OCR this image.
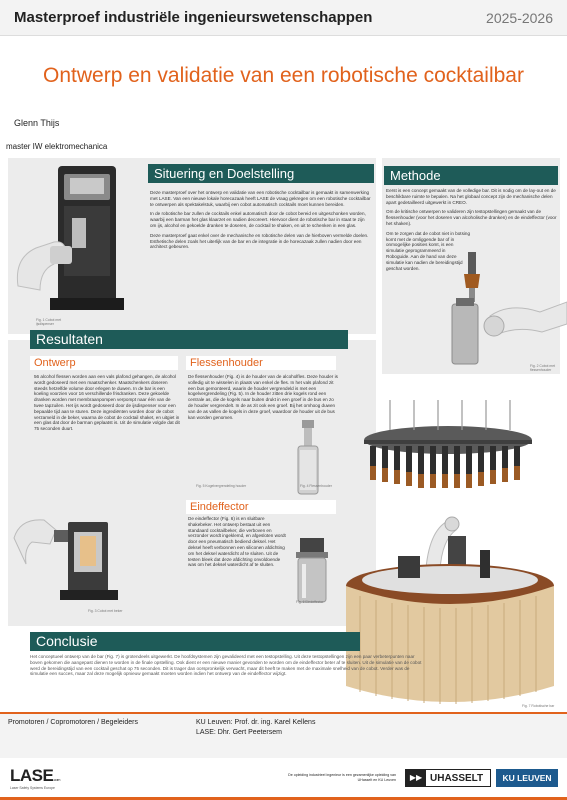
Masterproef industriële ingenieurswetenschappen	2025-2026
Ontwerp en validatie van een robotische cocktailbar
Glenn Thijs
master IW elektromechanica
Fig. 1 Cobot met ijsdispenser
Situering en Doelstelling

Deze masterproef over het ontwerp en validatie van een robotische cocktailbar is gemaakt in samenwerking met LASE. Van een nieuwe lokale horecazaak heeft LASE de vraag gekregen om een robotische cocktailbar te ontwerpen als spektakelstuk, waarbij een cobot automatisch cocktails moet kunnen bereiden.

In de robotische bar zullen de cocktails enkel automatisch door de cobot bereid en uitgeschonken worden, waarbij een barman het glas klaarzet en nadien decoreert. Hiervoor dient de robotische bar in staat te zijn om ijs, alcohol en gekoelde dranken te doseren, de cocktail te shaken, en uit te schenken in een glas.

Deze masterproef gaat enkel over de mechanische en robotische delen van de hierboven vermelde doelen. Esthetische delen zoals het uiterlijk van de bar en de integratie in de horecazaak zullen nadien door een architect gebeuren.

Methode

Eerst is een concept gemaakt van de volledige bar. Dit is nodig om de lay-out en de beschikbare ruimte te bepalen. Na het globaal concept zijn de mechanische delen apart gedetailleerd uitgewerkt in CREO.

Om de kritische ontwerpen te valideren zijn testopstellingen gemaakt van de flessenhouder (voor het doseren van alcoholische dranken) en de eindeffector (voor het shaken).

Om te zorgen dat de cobot niet in botsing komt met de omliggende bar of in onmogelijke posities komt, is een simulatie geprogrammeerd in Roboguide. Aan de hand van deze simulatie kan nadien de bereidingstijd geschat worden.

Fig. 2 Cobot met flessenhouder
Resultaten
Ontwerp
56 alcohol flessen worden aan een vals plafond gehangen, de alcohol wordt gedoseerd met een maatschenker. Maatschenkers doseren steeds hetzelfde volume door erlegen te duwen. In de bar is een koeling voorzien voor 16 verschillende frisdranken. Deze gekoelde dranken worden met membraanpompen verpompt naar één van de twee tapzuilen. Het ijs wordt gedoseerd door de ijsdispenser voor een bepaalde tijd aan te sturen. Deze ingrediënten worden door de cobot verzameld in de beker, waarna de cobot de cocktail shaket, en uitgiet in een glas dat door de barman geplaatst is. Uit de simulatie volgde dat dit 75 seconden duurt.
Fig. 3 Cobot met beker
Flessenhouder
De flessenhouder (Fig. 4) is de houder van de alcoholfles. Deze houder is volledig uit te wisselen in plaats van enkel de fles. In het vals plafond zit een bus gemonteerd, waarin de houder vergrendeld is met een kogelvergrendeling (Fig. 5). In de houder zitten drie kogels rond een centrale as, die de kogels naar buiten drukt in een groef in de bus en zo de houder vergrendelt. In de as zit ook een groef. Bij het omhoog duwen van de as vallen de kogels in deze groef, waardoor de houder uit de bus kan worden genomen.
Fig. 4 Flessenhouder
Fig. 5 Kogelvergrendeling houder
Eindeffector
De eindeffector (Fig. 6) is en sluitbare shakebeker. Het ontwerp bestaat uit een standaard cocktailbeker, die verboven en verzonder wordt ingeklemd, en afgesloten wordt door een pneumatisch bediend deksel. Het deksel heeft verbonnen een siliconen afdichting om het deksel waterdicht af te sluiten. Uit de testen bleek dat deze afdichting onvoldoende was om het deksel waterdicht af te sluiten.
Fig. 6 Eindeffector
Fig. 7 Robotische bar
Conclusie
Het conceptueel ontwerp van de bar (Fig. 7) is grotendeels uitgewerkt. De hoofdsystemen zijn gevalideerd met een testopstelling. Uit deze testopstellingen zijn een paar verbeterpunten naar boven gekomen die aangepast dienen te worden in de finale opstelling. Ook dient er een nieuwe manier gevonden te worden om de eindeffector beter af te sluiten. Uit de simulatie van de cobot werd de bereidingstijd van een cocktail geschat op 75 seconden. Dit is trager dan oorspronkelijk verwacht, maar dit heeft te maken met de maximale snelheid van de cobot. Verder was de simulatie een succes, maar zal deze mogelijk opnieuw gemaakt moeten worden indien het ontwerp van de eindeffector wijzigt.
Promotoren / Copromotoren / Begeleiders	KU Leuven: Prof. dr. ing. Karel Kellens
LASE: Dhr. Gert Peetersem
LASE.com
Laser Safety Systems Europe
De opleiding industrieel ingenieur is een gezamenlijke opleiding van UHasselt en KU Leuven	▶▶ UHASSELT	KU LEUVEN
